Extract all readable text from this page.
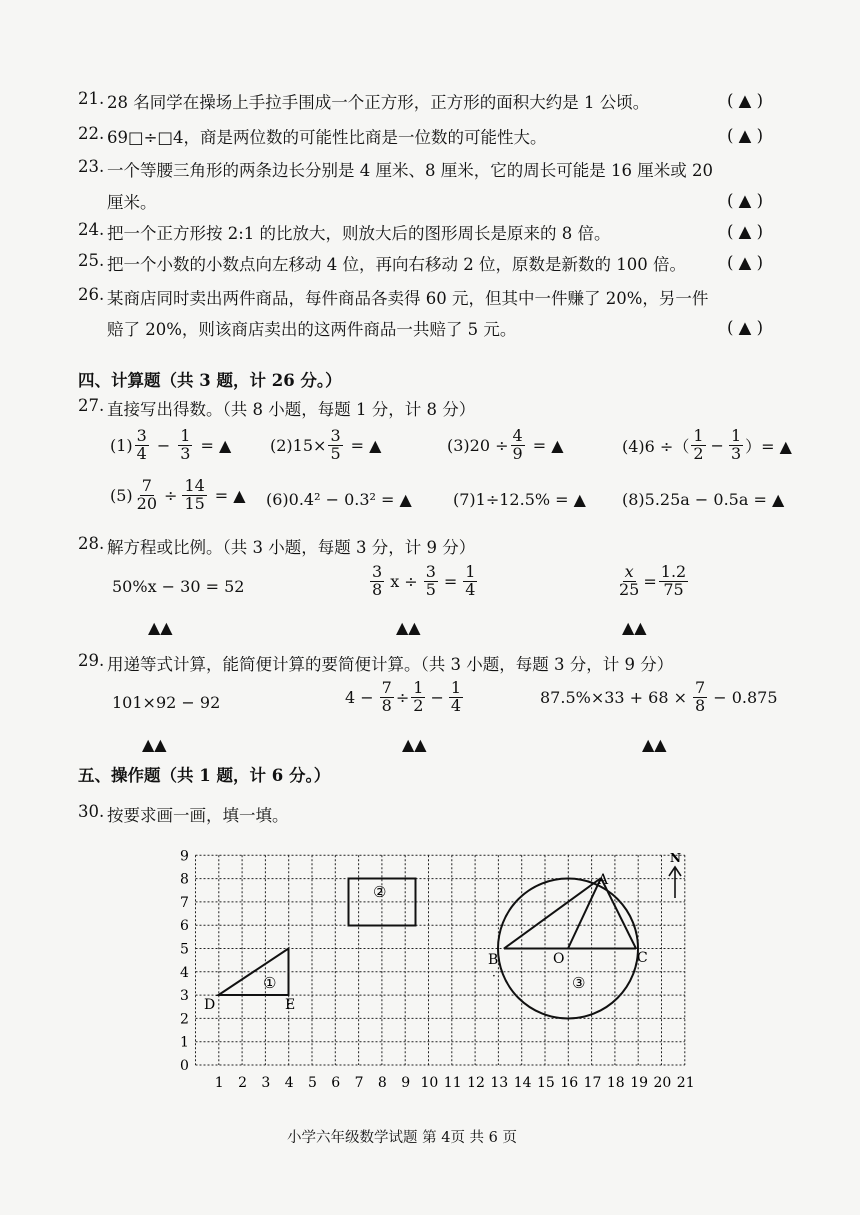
21. 28 名同学在操场上手拉手围成一个正方形，正方形的面积大约是 1 公顷。	( ▲ )
22. 69□÷□4，商是两位数的可能性比商是一位数的可能性大。	( ▲ )
23. 一个等腰三角形的两条边长分别是 4 厘米、8 厘米，它的周长可能是 16 厘米或 20
厘米。	( ▲ )
24. 把一个正方形按 2:1 的比放大，则放大后的图形周长是原来的 8 倍。	( ▲ )
25. 把一个小数的小数点向左移动 4 位，再向右移动 2 位，原数是新数的 100 倍。 ( ▲ )
26. 某商店同时卖出两件商品，每件商品各卖得 60 元，但其中一件赚了 20%，另一件
赔了 20%，则该商店卖出的这两件商品一共赔了 5 元。	( ▲ )
四、计算题（共 3 题，计 26 分。）
27. 直接写出得数。（共 8 小题，每题 1 分，计 8 分）
$(1) \frac{3}{4} - \frac{1}{3}$ = ▲ $(2)15\times \frac{3}{5}$ = ▲	$(3)20 \div \frac{4}{9}$ = ▲	(4)6 ÷（ $\frac{1}{2} - \frac{1}{3}$ ）= ▲
$(5) \frac{7}{20} \div \frac{14}{15}$ = ▲ (6)0.4² − 0.3² = ▲	(7)1÷12.5% = ▲ (8)5.25a − 0.5a = ▲
28. 解方程或比例。（共 3 小题，每题 3 分，计 9 分）
50%x − 30 = 52	$\frac{3}{8}$ $x \div \frac{3}{5} = \frac{1}{4}$	$\frac{x}{25} = \frac{1.2}{75}$
▲▲	▲▲	▲▲
29. 用递等式计算，能简便计算的要简便计算。（共 3 小题，每题 3 分，计 9 分）
101×92 − 92	$4 - \frac{7}{8} \div \frac{1}{2} - \frac{1}{4}$	$87.5\%\times 33 + 68 \times \frac{7}{8} - 0.875$
▲▲	▲▲	▲▲
五、操作题（共 1 题，计 6 分。）
30. 按要求画一画，填一填。
0
1
2
3
4
5
6
7
8
9
1 2 3 4 5 6 7 8 9 10 11 12 13 14 15 16 17 18 19 20 21
A
B	C
O
D	E
①
②
③
·
N
小学六年级数学试题 第 4页 共 6 页
